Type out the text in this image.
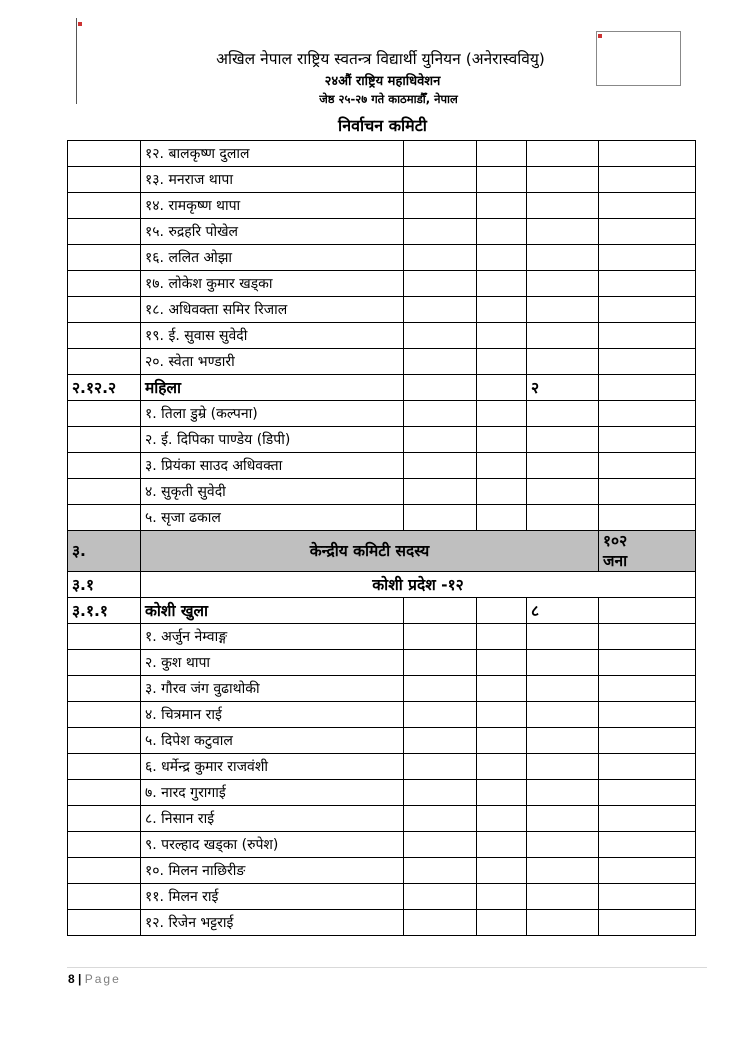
अखिल नेपाल राष्ट्रिय स्वतन्त्र विद्यार्थी युनियन (अनेरास्ववियु)
२४औं राष्ट्रिय महाधिवेशन
जेष्ठ २५-२७ गते काठमाडौँ, नेपाल
निर्वाचन कमिटी
	१२. बालकृष्ण दुलाल				
	१३. मनराज थापा				
	१४. रामकृष्ण थापा				
	१५. रुद्रहरि पोखेल				
	१६. ललित ओझा				
	१७. लोकेश कुमार खड्का				
	१८. अधिवक्ता समिर रिजाल				
	१९. ई. सुवास सुवेदी				
	२०. स्वेता भण्डारी				
२.१२.२	महिला			२	
	१. तिला डुम्रे (कल्पना)				
	२. ई. दिपिका पाण्डेय (डिपी)				
	३. प्रियंका साउद अधिवक्ता				
	४. सुकृती सुवेदी				
	५. सृजा ढकाल				
३.	केन्द्रीय कमिटी सदस्य				१०२
जना

३.१	कोशी प्रदेश -१२				
३.१.१	कोशी खुला			८	
	१. अर्जुन नेम्वाङ्ग				
	२. कुश थापा				
	३. गौरव जंग वुढाथोकी				
	४. चित्रमान राई				
	५. दिपेश कटुवाल				
	६. धर्मेन्द्र कुमार राजवंशी				
	७. नारद गुरागाई				
	८. निसान राई				
	९. परल्हाद खड्का (रुपेश)				
	१०. मिलन नाछिरीङ				
	११. मिलन राई				
	१२. रिजेन भट्टराई				
8 | Page
